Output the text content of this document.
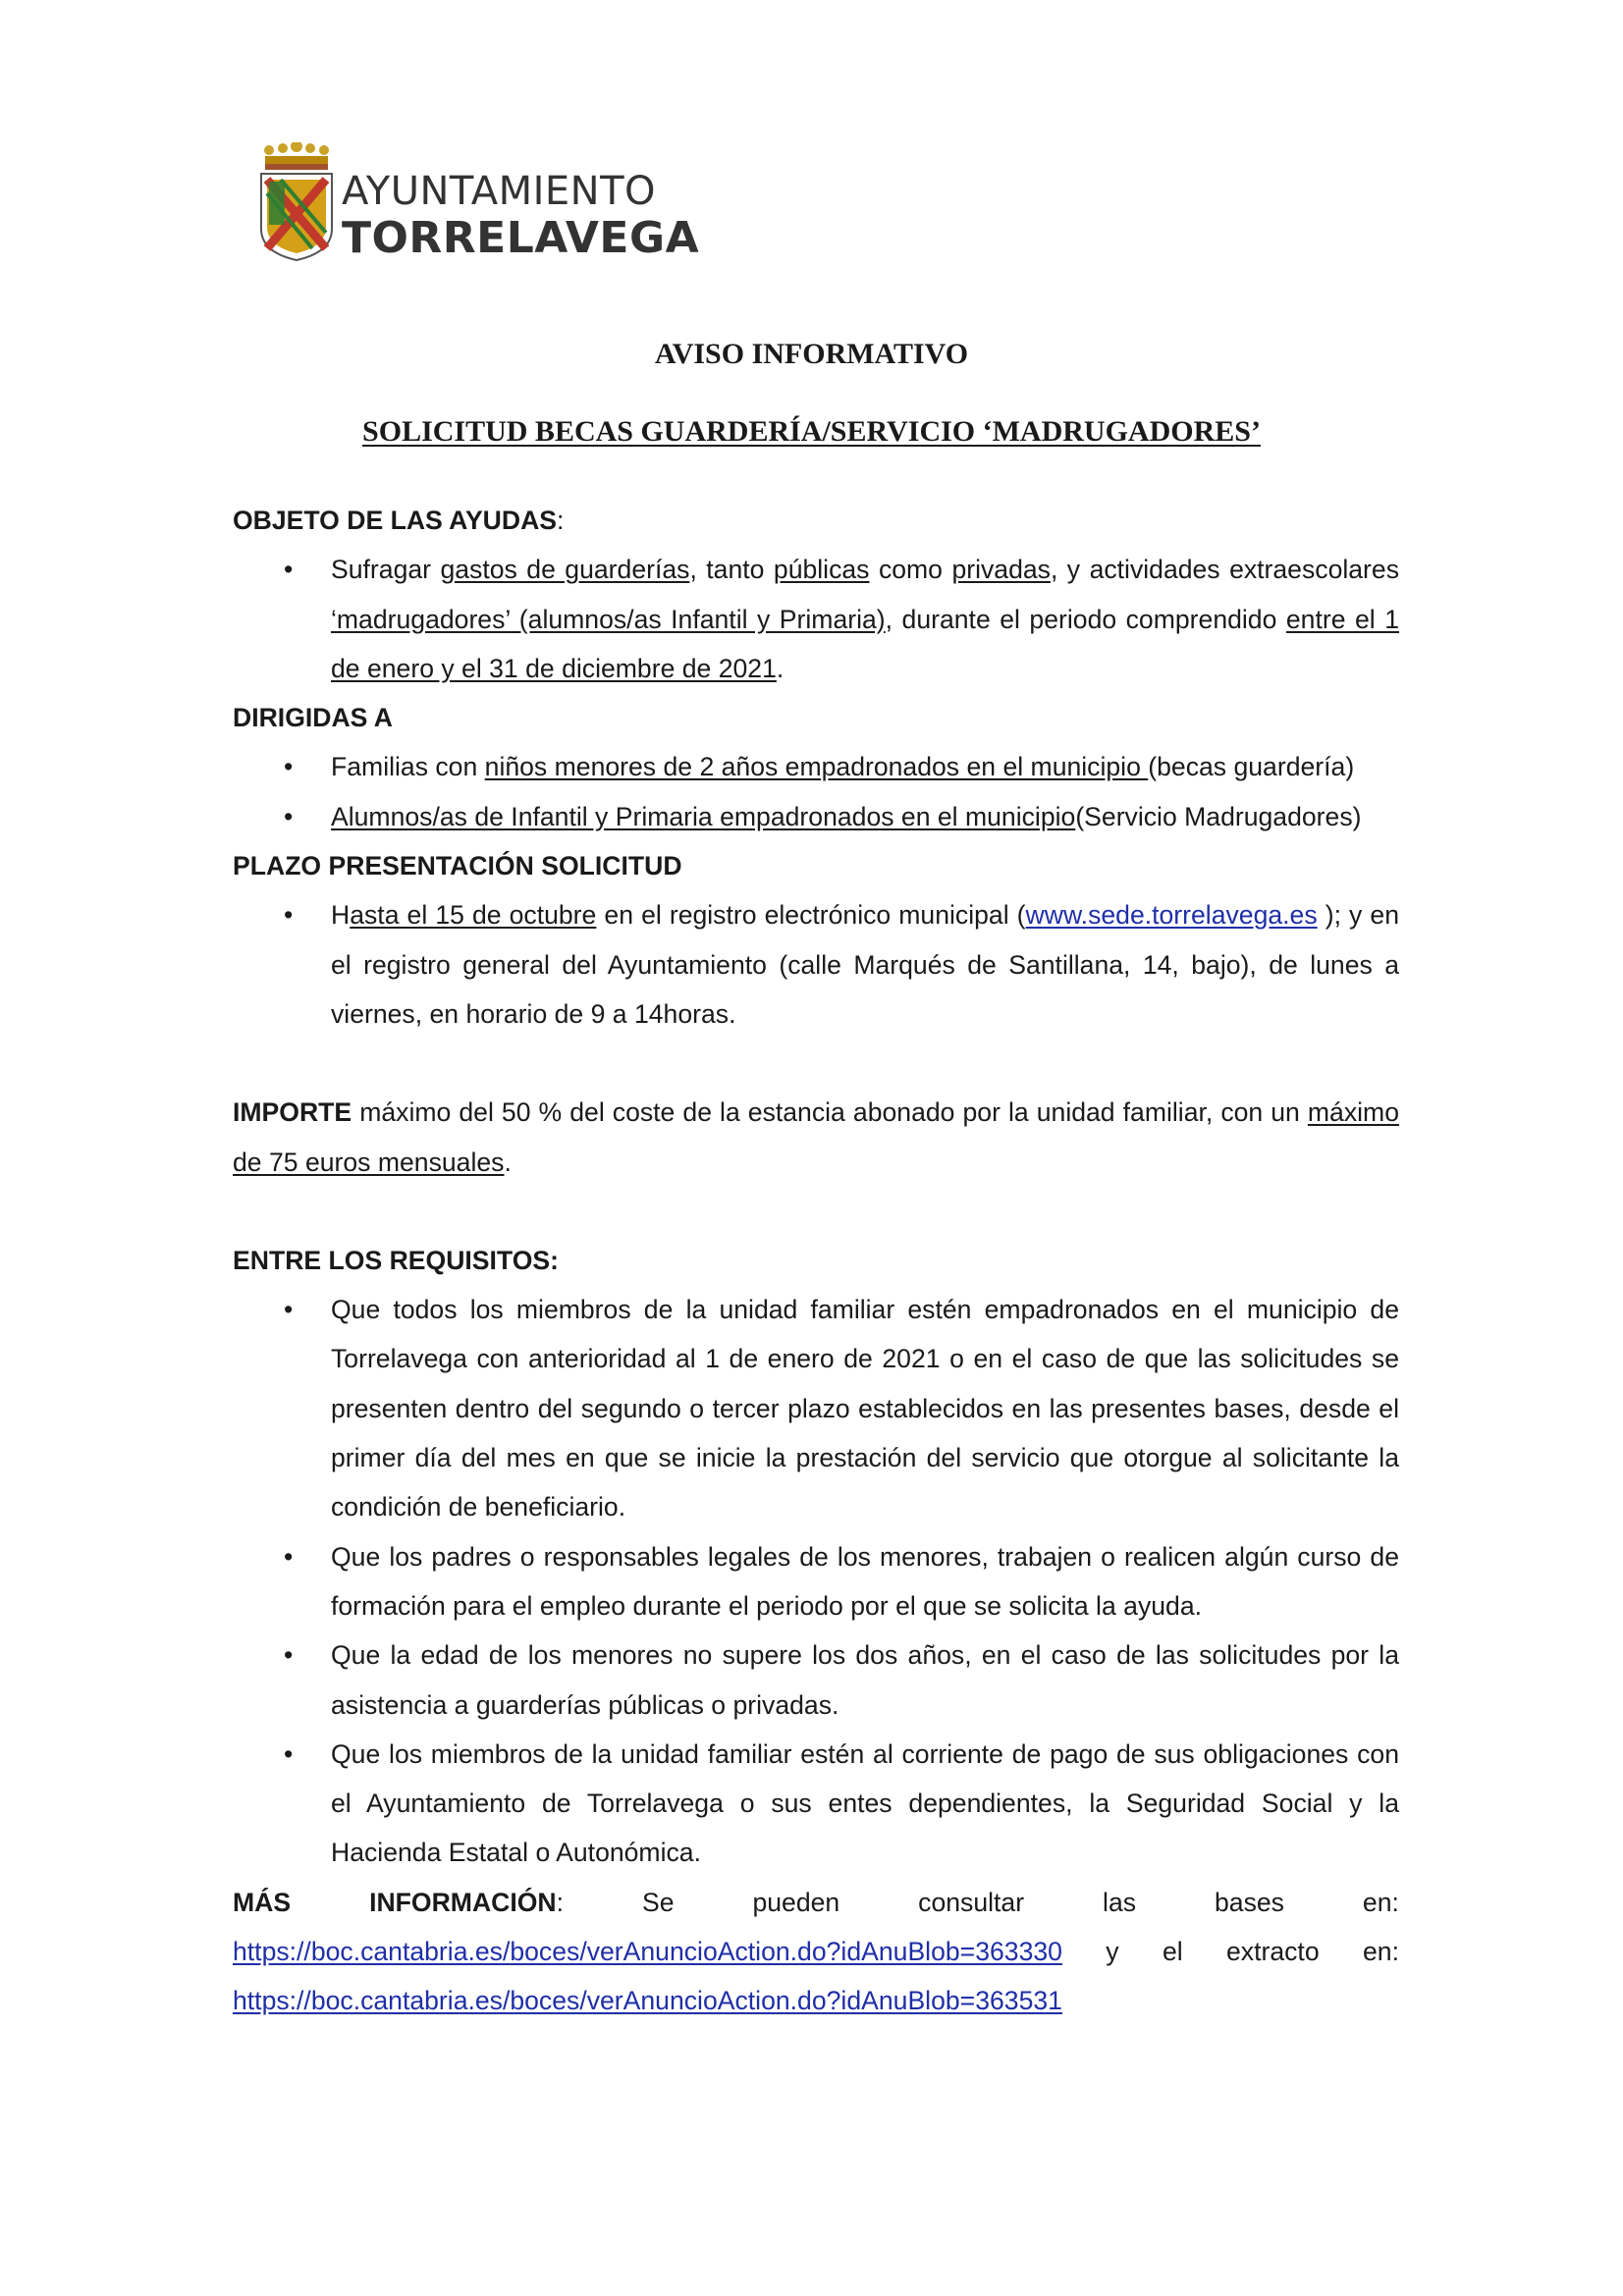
AYUNTAMIENTO
TORRELAVEGA
AVISO INFORMATIVO
SOLICITUD BECAS GUARDERÍA/SERVICIO ‘MADRUGADORES’
OBJETO DE LAS AYUDAS:
• Sufragar gastos de guarderías, tanto públicas como privadas, y actividades extraescolares ‘madrugadores’ (alumnos/as Infantil y Primaria), durante el periodo comprendido entre el 1 de enero y el 31 de diciembre de 2021.
DIRIGIDAS A
• Familias con niños menores de 2 años empadronados en el municipio (becas guardería)
• Alumnos/as de Infantil y Primaria empadronados en el municipio(Servicio Madrugadores)
PLAZO PRESENTACIÓN SOLICITUD
• Hasta el 15 de octubre en el registro electrónico municipal (www.sede.torrelavega.es ); y en el registro general del Ayuntamiento (calle Marqués de Santillana, 14, bajo), de lunes a viernes, en horario de 9 a 14horas.
IMPORTE máximo del 50 % del coste de la estancia abonado por la unidad familiar, con un máximo de 75 euros mensuales.
ENTRE LOS REQUISITOS:
• Que todos los miembros de la unidad familiar estén empadronados en el municipio de Torrelavega con anterioridad al 1 de enero de 2021 o en el caso de que las solicitudes se presenten dentro del segundo o tercer plazo establecidos en las presentes bases, desde el primer día del mes en que se inicie la prestación del servicio que otorgue al solicitante la condición de beneficiario.
• Que los padres o responsables legales de los menores, trabajen o realicen algún curso de formación para el empleo durante el periodo por el que se solicita la ayuda.
• Que la edad de los menores no supere los dos años, en el caso de las solicitudes por la asistencia a guarderías públicas o privadas.
• Que los miembros de la unidad familiar estén al corriente de pago de sus obligaciones con el Ayuntamiento de Torrelavega o sus entes dependientes, la Seguridad Social y la Hacienda Estatal o Autonómica.
MÁS	INFORMACIÓN:	Se	pueden	consultar	las	bases	en:
https://boc.cantabria.es/boces/verAnuncioAction.do?idAnuBlob=363330 y el extracto en:
https://boc.cantabria.es/boces/verAnuncioAction.do?idAnuBlob=363531
